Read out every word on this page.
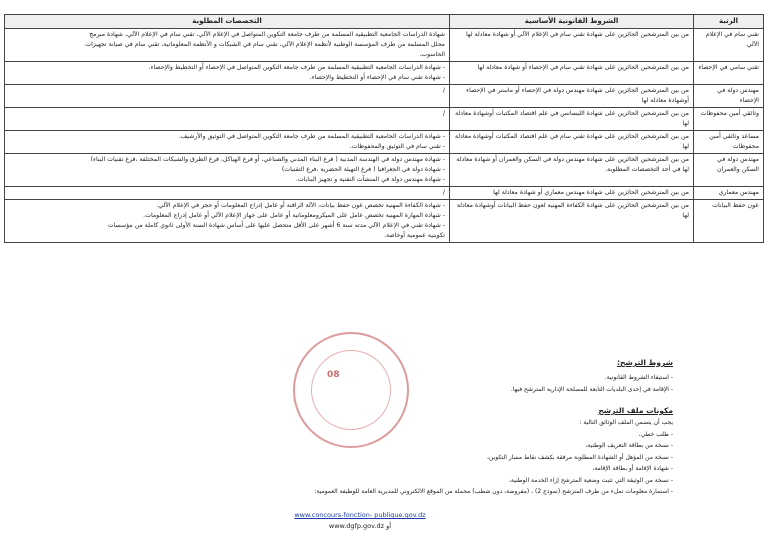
الرتبة	الشروط القانونية الأساسية	التخصصات المطلوبة
تقني سام في الإعلام الآلي	من بين المترشحين الحائزين على شهادة تقني سام في الإعلام الآلي أو شهادة معادلة لها	شهادة الدراسات الجامعية التطبيقية المسلمة من طرف جامعة التكوين المتواصل في الإعلام الآلي، تقني سام في الإعلام الآلي، شهادة مبرمج
محلل المسلمة من طرف المؤسسة الوطنية لأنظمة الإعلام الآلي، تقني سام في الشبكات و الأنظمة المعلوماتية، تقني سام في صيانة تجهيزات
الحاسوب.

تقني سامي في الإحصاء	من بين المترشحين الحائزين على شهادة تقني سام في الإحصاء أو شهادة معادلة لها	- شهادة الدراسات الجامعية التطبيقية المسلمة من طرف جامعة التكوين المتواصل في الإحصاء أو التخطيط والإحصاء.
- شهادة تقني سام في الإحصاء أو التخطيط والإحصاء.

مهندس دولة في الإحصاء	من بين المترشحين الحائزين على شهادة مهندس دولة في الإحصاء أو ماستر في الإحصاء أوشهادة معادلة لها	/

وثائقي أمين محفوظات	من بين المترشحين الحائزين على شهادة الليسانس في علم اقتصاد المكتبات أوشهادة معادلة لها	/

مساعد وثائقي أمين محفوظات	من بين المترشحين الحائزين على شهادة تقني سام في علم اقتصاد المكتبات أوشهادة معادلة لها	- شهادة الدراسات الجامعية التطبيقية المسلمة من طرف جامعة التكوين المتواصل في التوثيق والأرشيف.
- تقني سام في التوثيق والمحفوظات.

مهندس دولة في السكن والعمران	من بين المترشحين الحائزين على شهادة مهندس دولة في السكن والعمران أو شهادة معادلة لها في أحد التخصصات المطلوبة.	- شهادة مهندس دولة في الهندسة المدنية ( فرع البناء المدني والصناعي، أو فرع الهياكل، فرع الطرق والشبكات المختلفة ،فرع تقنيات البناء)
- شهادة دولة في الجغرافيا ( فرع التهيئة الحضرية ،فرع التقنيات)
- شهادة مهندس دولة في المنشآت التقنية و تجهيز البنايات.

مهندس معماري	من بين المترشحين الحائزين على شهادة مهندس معماري أو شهادة معادلة لها	/

عون حفظ البيانات	من بين المترشحين الحائزين على شهادة الكفاءة المهنية لعون حفظ البيانات أوشهادة معادلة لها	- شهادة الكفاءة المهنية تخصص عون حفظ بيانات، الآلة الراقنة أو عامل إدراج المعلومات أو حجز في الإعلام الآلي.
- شهادة المهارة المهنية تخصص عامل على الميكرومعلوماتية أو عامل على جهاز الإعلام الآلي أو عامل إدراج المعلومات.
- شهادة تقني في الإعلام الآلي مدته سنة 6 أشهر على الأقل متحصل عليها على أساس شهادة السنة الأولى ثانوي كاملة من مؤسسات
تكوينية عمومية أوخاصة.
08
شروط الترشح:
- استيفاء الشروط القانونية.
- الإقامة في إحدى البلديات التابعة للمصلحة الإدارية المترشح فيها.
مكونات ملف الترشح
يجب أن يتضمن الملف الوثائق التالية :
- طلب خطي،
- نسخة من بطاقة التعريف الوطنية،
- نسخة من المؤهل أو الشهادة المطلوبة مرفقة بكشف نقاط مسار التكوين،
- شهادة الإقامة أو بطاقة الإقامة،
- نسخة من الوثيقة التي تثبت وضعية المترشح إزاء الخدمة الوطنية،
- استمارة معلومات تملء من طرف المترشح (نموذج 2) ، (مفروضة، دون شطب) محملة من الموقع الالكتروني للمديرية العامة للوظيفة العمومية:
www.concours-fonction- publique.gov.dz
www.dgfp.gov.dz أو
